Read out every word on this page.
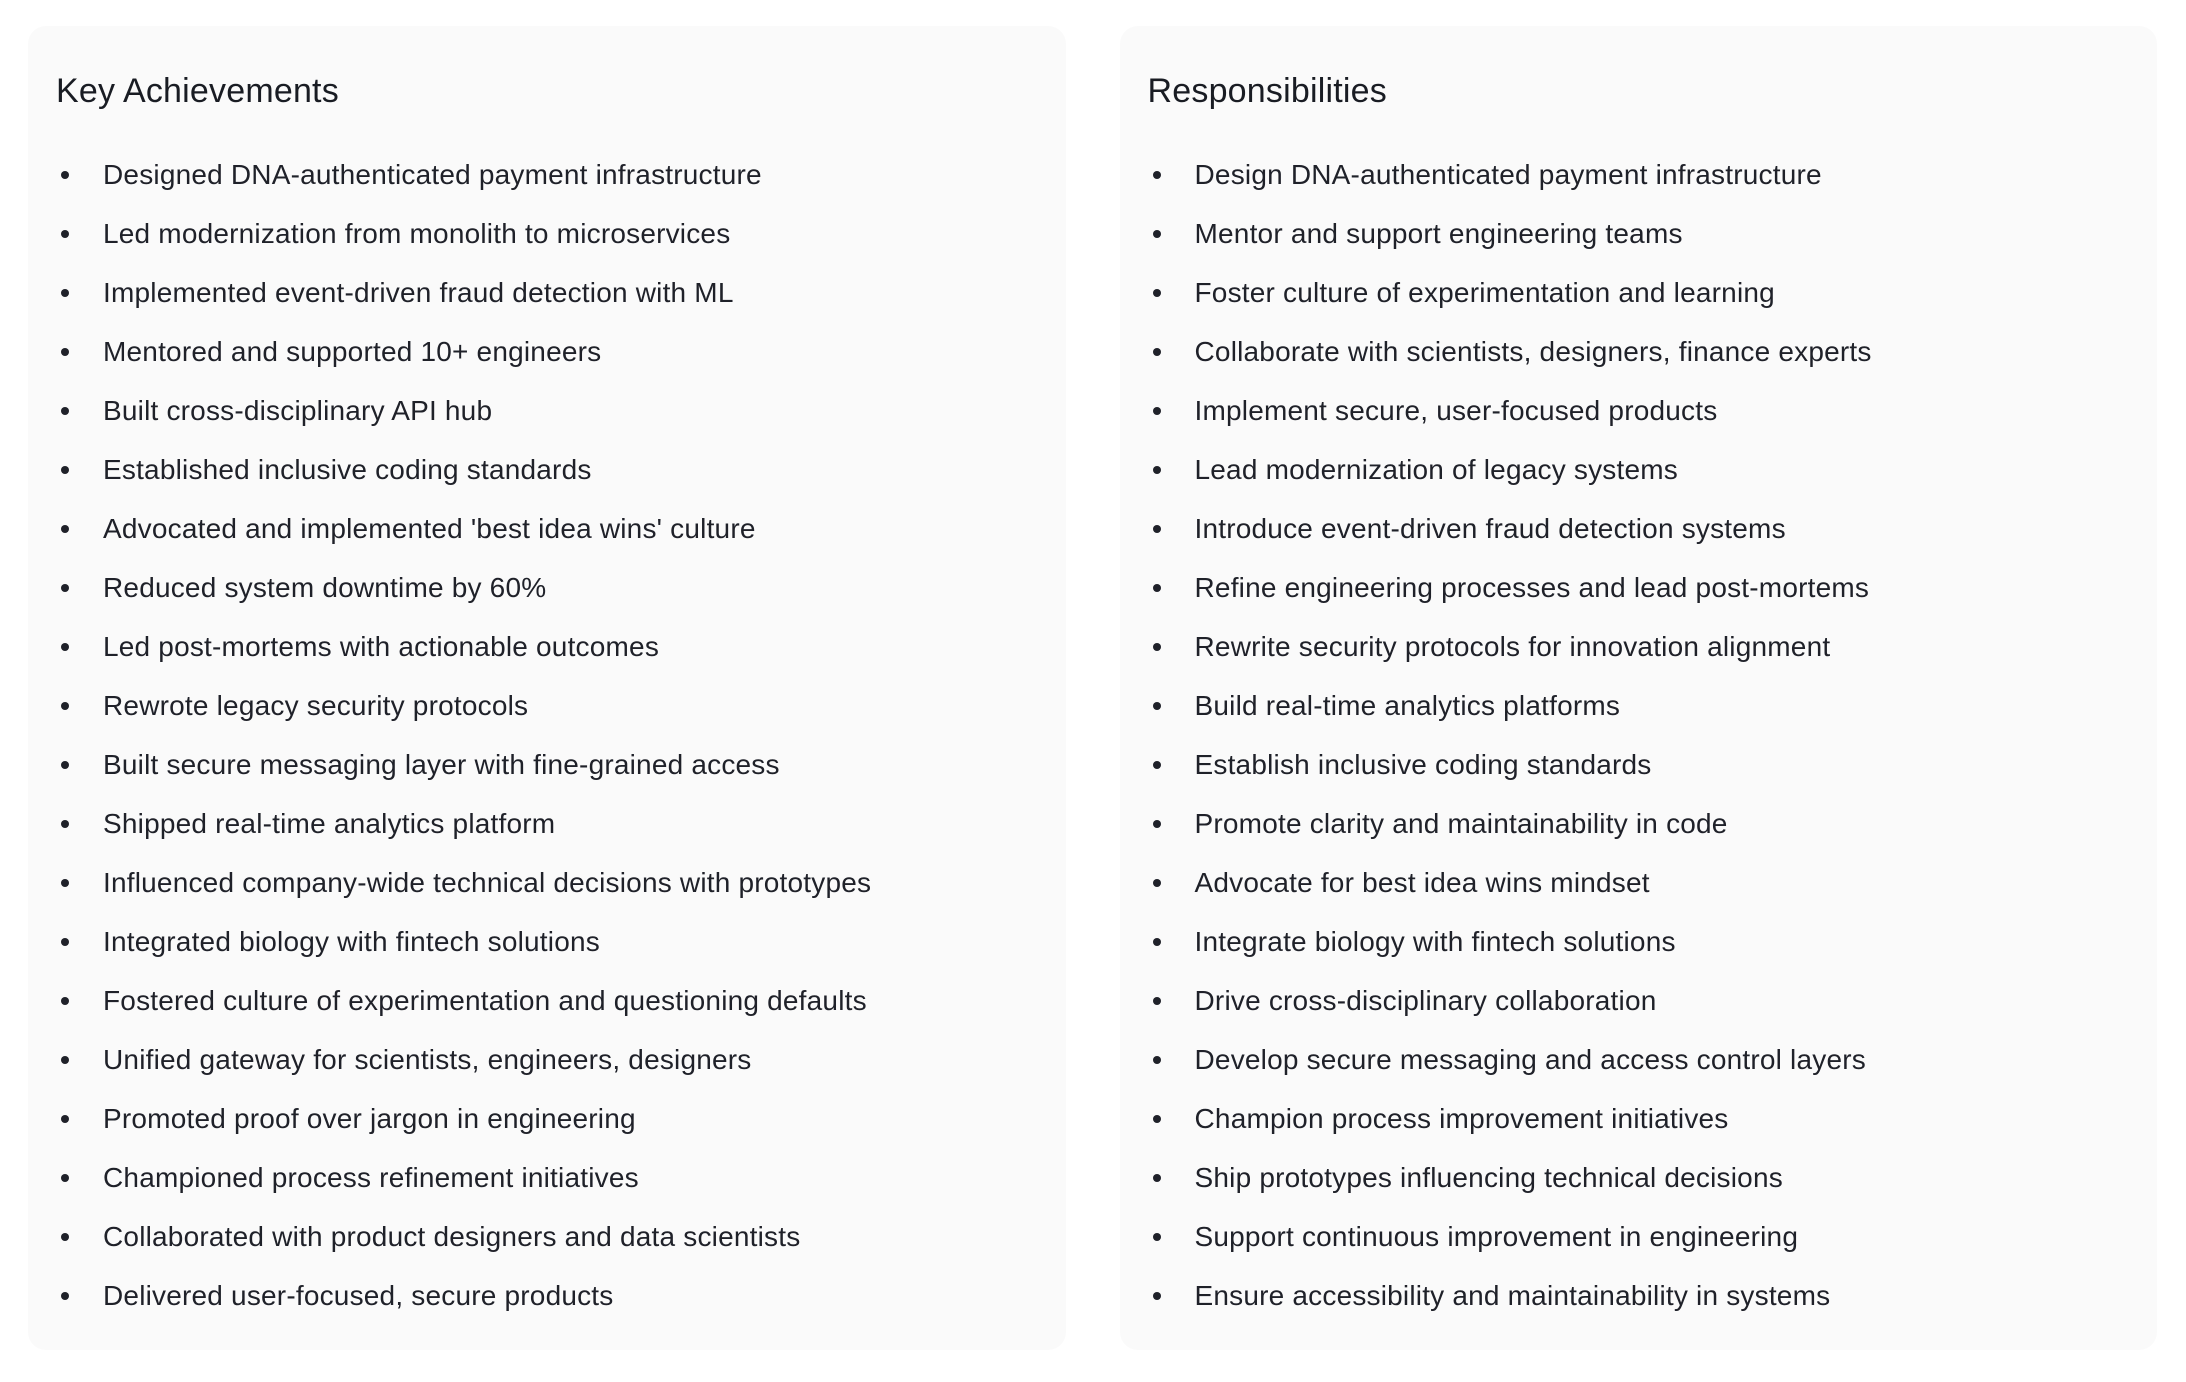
Key Achievements
Designed DNA-authenticated payment infrastructure
Led modernization from monolith to microservices
Implemented event-driven fraud detection with ML
Mentored and supported 10+ engineers
Built cross-disciplinary API hub
Established inclusive coding standards
Advocated and implemented 'best idea wins' culture
Reduced system downtime by 60%
Led post-mortems with actionable outcomes
Rewrote legacy security protocols
Built secure messaging layer with fine-grained access
Shipped real-time analytics platform
Influenced company-wide technical decisions with prototypes
Integrated biology with fintech solutions
Fostered culture of experimentation and questioning defaults
Unified gateway for scientists, engineers, designers
Promoted proof over jargon in engineering
Championed process refinement initiatives
Collaborated with product designers and data scientists
Delivered user-focused, secure products
Responsibilities
Design DNA-authenticated payment infrastructure
Mentor and support engineering teams
Foster culture of experimentation and learning
Collaborate with scientists, designers, finance experts
Implement secure, user-focused products
Lead modernization of legacy systems
Introduce event-driven fraud detection systems
Refine engineering processes and lead post-mortems
Rewrite security protocols for innovation alignment
Build real-time analytics platforms
Establish inclusive coding standards
Promote clarity and maintainability in code
Advocate for best idea wins mindset
Integrate biology with fintech solutions
Drive cross-disciplinary collaboration
Develop secure messaging and access control layers
Champion process improvement initiatives
Ship prototypes influencing technical decisions
Support continuous improvement in engineering
Ensure accessibility and maintainability in systems
